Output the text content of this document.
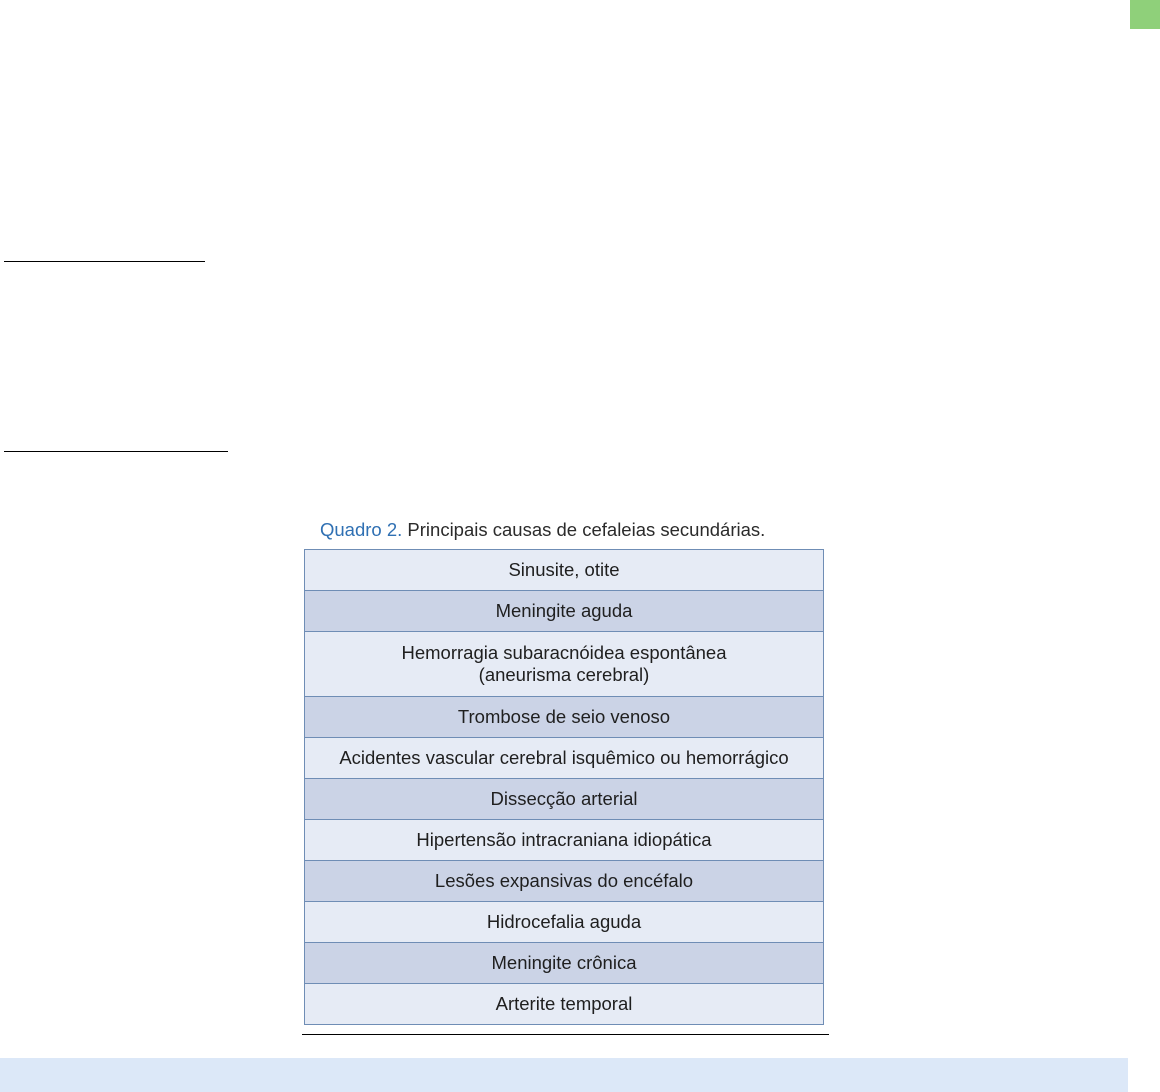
Quadro 2. Principais causas de cefaleias secundárias.
Sinusite, otite
Meningite aguda
Hemorragia subaracnóidea espontânea
(aneurisma cerebral)
Trombose de seio venoso
Acidentes vascular cerebral isquêmico ou hemorrágico
Dissecção arterial
Hipertensão intracraniana idiopática
Lesões expansivas do encéfalo
Hidrocefalia aguda
Meningite crônica
Arterite temporal
